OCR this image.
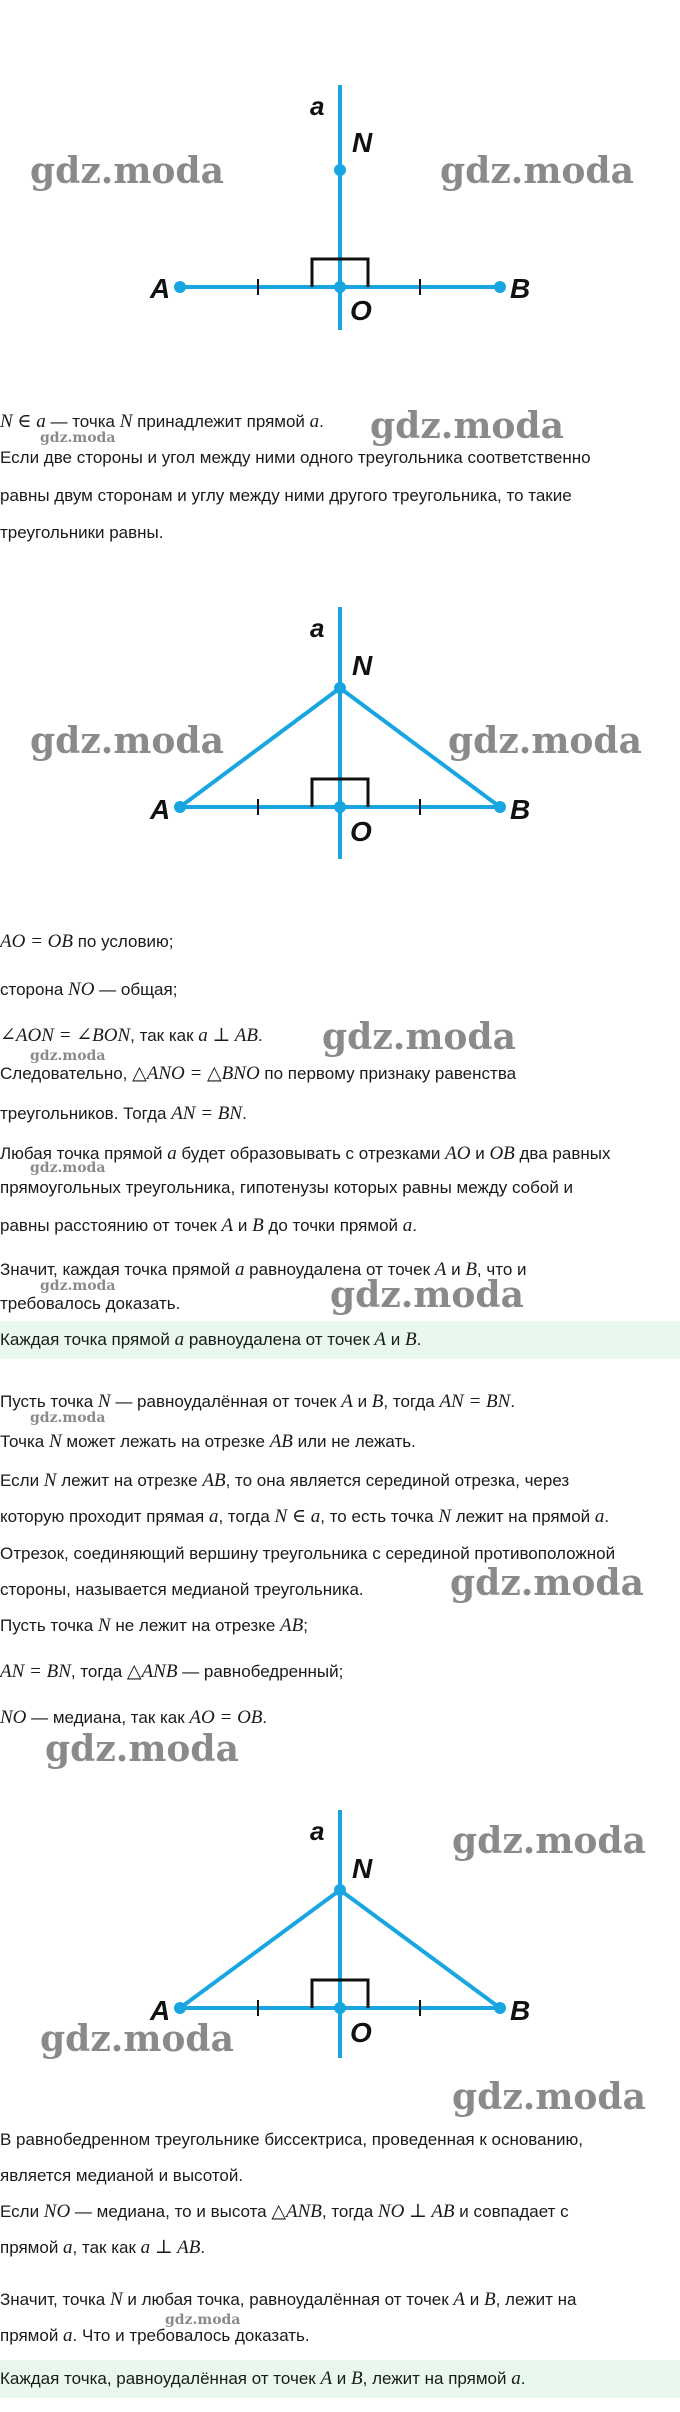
a
N
A	B
O
gdz.moda	gdz.moda
N ∈ a — точка N принадлежит прямой a.	gdz.moda
gdz.moda
Если две стороны и угол между ними одного треугольника соответственно
равны двум сторонам и углу между ними другого треугольника, то такие
треугольники равны.
a
N
A	B
O
gdz.moda	gdz.moda
AO = OB по условию;
сторона NO — общая;
∠AON = ∠BON, так как a ⊥ AB.	gdz.moda
gdz.moda
Следовательно, △ANO = △BNO по первому признаку равенства
треугольников. Тогда AN = BN.
Любая точка прямой a будет образовывать с отрезками AO и OB два равных
gdz.moda
прямоугольных треугольника, гипотенузы которых равны между собой и
равны расстоянию от точек A и B до точки прямой a.
Значит, каждая точка прямой a равноудалена от точек A и B, что и
gdz.moda
требовалось доказать.	gdz.moda
Каждая точка прямой a равноудалена от точек A и B.
Пусть точка N — равноудалённая от точек A и B, тогда AN = BN.
gdz.moda
Точка N может лежать на отрезке AB или не лежать.
Если N лежит на отрезке AB, то она является серединой отрезка, через
которую проходит прямая a, тогда N ∈ a, то есть точка N лежит на прямой a.
Отрезок, соединяющий вершину треугольника с серединой противоположной
стороны, называется медианой треугольника.	gdz.moda
Пусть точка N не лежит на отрезке AB;
AN = BN, тогда △ANB — равнобедренный;
NO — медиана, так как AO = OB.
gdz.moda
a
N
A	B
O
gdz.moda
gdz.moda
gdz.moda
В равнобедренном треугольнике биссектриса, проведенная к основанию,
является медианой и высотой.
Если NO — медиана, то и высота △ANB, тогда NO ⊥ AB и совпадает с
прямой a, так как a ⊥ AB.
Значит, точка N и любая точка, равноудалённая от точек A и B, лежит на
gdz.moda
прямой a. Что и требовалось доказать.
Каждая точка, равноудалённая от точек A и B, лежит на прямой a.
